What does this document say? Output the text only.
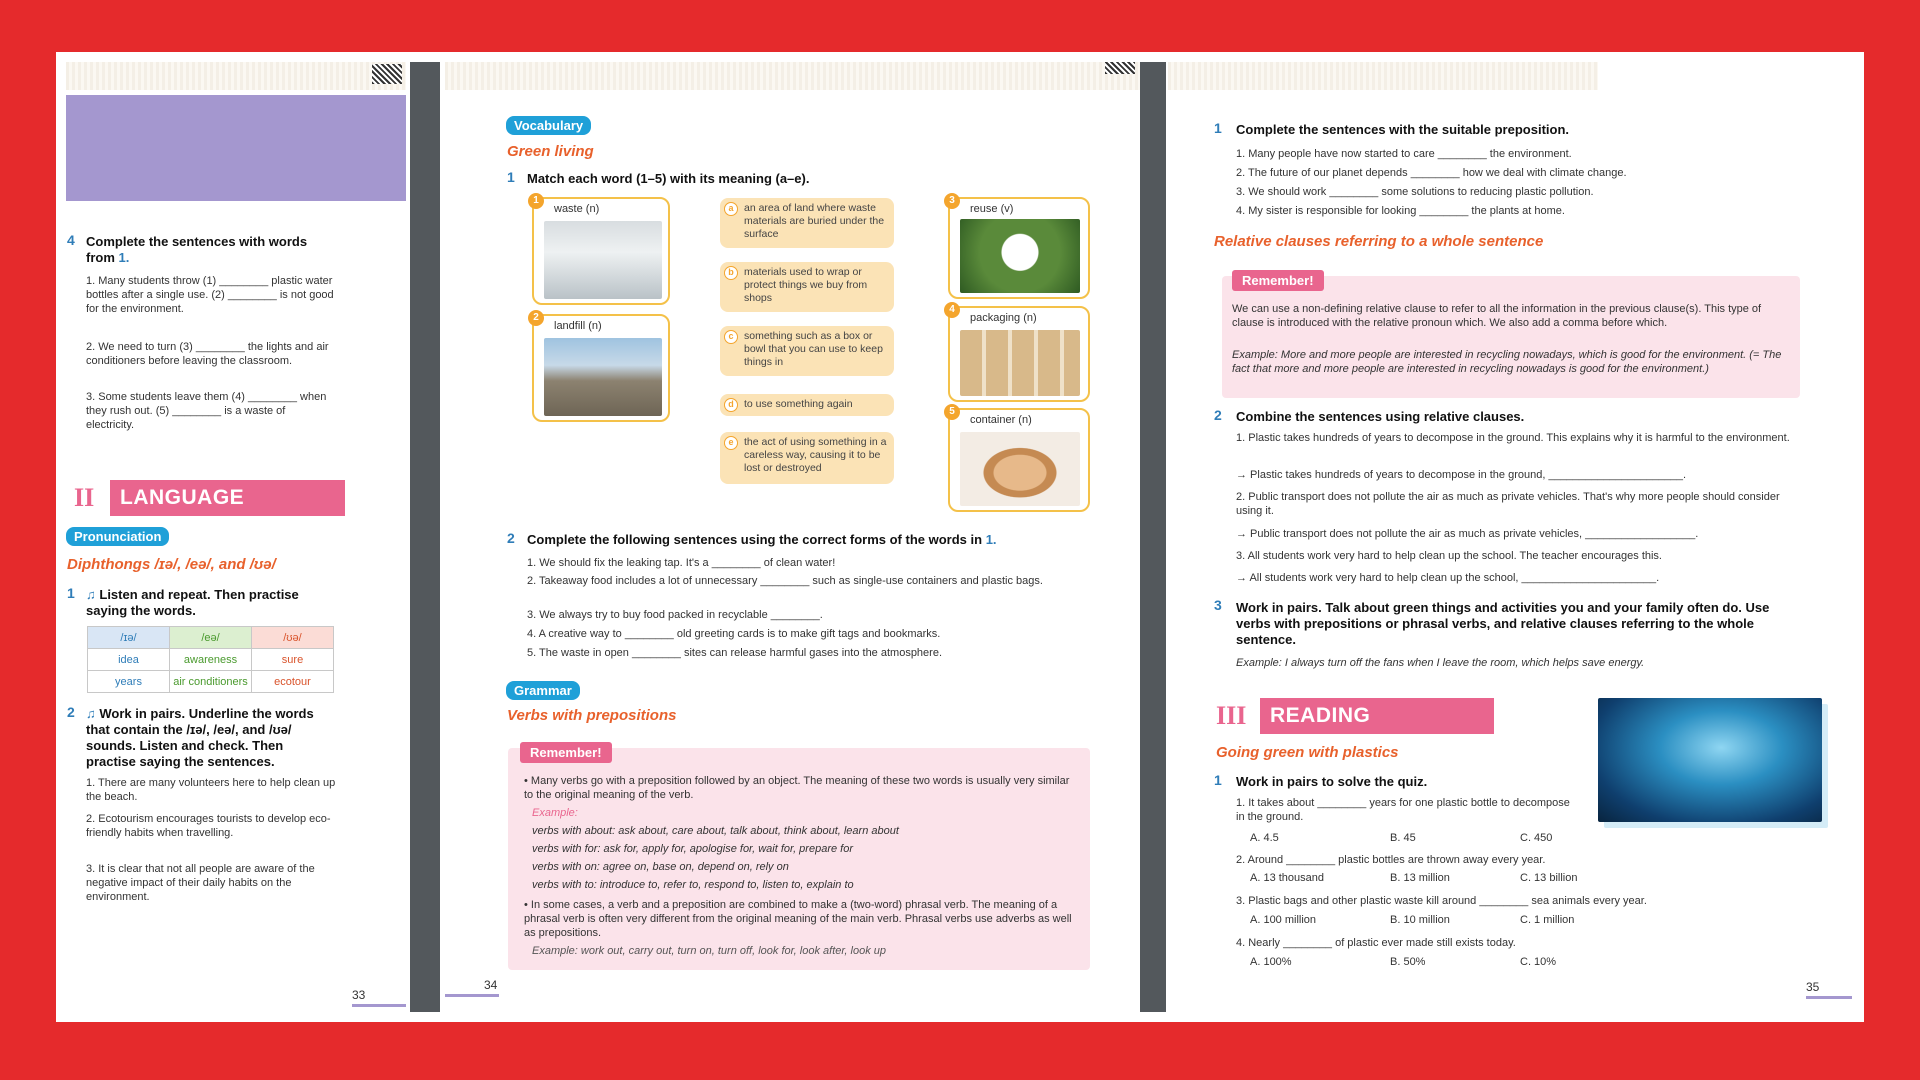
4 Complete the sentences with words from 1.
1. Many students throw (1) ________ plastic water bottles after a single use. (2) ________ is not good for the environment.
2. We need to turn (3) ________ the lights and air conditioners before leaving the classroom.
3. Some students leave them (4) ________ when they rush out. (5) ________ is a waste of electricity.
II	LANGUAGE
Pronunciation
Diphthongs /ɪə/, /eə/, and /ʊə/
1 ♫ Listen and repeat. Then practise saying the words.
/ɪə/	/eə/	/ʊə/
idea	awareness	sure
years	air conditioners	ecotour
2 ♫ Work in pairs. Underline the words that contain the /ɪə/, /eə/, and /ʊə/ sounds. Listen and check. Then practise saying the sentences.
1. There are many volunteers here to help clean up the beach.
2. Ecotourism encourages tourists to develop eco-friendly habits when travelling.
3. It is clear that not all people are aware of the negative impact of their daily habits on the environment.
33
Vocabulary
Green living
1 Match each word (1–5) with its meaning (a–e).
1
waste (n)
2
landfill (n)
3
reuse (v)
4
packaging (n)
5
container (n)
a	an area of land where waste materials are buried under the surface
b materials used to wrap or protect things we buy from shops
c	something such as a box or bowl that you can use to keep things in
d to use something again
e	the act of using something in a careless way, causing it to be lost or destroyed
2 Complete the following sentences using the correct forms of the words in 1.
1. We should fix the leaking tap. It's a ________ of clean water!
2. Takeaway food includes a lot of unnecessary ________ such as single-use containers and plastic bags.
3. We always try to buy food packed in recyclable ________.
4. A creative way to ________ old greeting cards is to make gift tags and bookmarks.
5. The waste in open ________ sites can release harmful gases into the atmosphere.
Grammar
Verbs with prepositions
Remember!
• Many verbs go with a preposition followed by an object. The meaning of these two words is usually very similar to the original meaning of the verb.
Example:
verbs with about: ask about, care about, talk about, think about, learn about
verbs with for: ask for, apply for, apologise for, wait for, prepare for
verbs with on: agree on, base on, depend on, rely on
verbs with to: introduce to, refer to, respond to, listen to, explain to
• In some cases, a verb and a preposition are combined to make a (two-word) phrasal verb. The meaning of a phrasal verb is often very different from the original meaning of the main verb. Phrasal verbs use adverbs as well as prepositions.
Example: work out, carry out, turn on, turn off, look for, look after, look up
34
1 Complete the sentences with the suitable preposition.
1. Many people have now started to care ________ the environment.
2. The future of our planet depends ________ how we deal with climate change.
3. We should work ________ some solutions to reducing plastic pollution.
4. My sister is responsible for looking ________ the plants at home.
Relative clauses referring to a whole sentence
Remember!
We can use a non-defining relative clause to refer to all the information in the previous clause(s). This type of clause is introduced with the relative pronoun which. We also add a comma before which.
Example: More and more people are interested in recycling nowadays, which is good for the environment. (= The fact that more and more people are interested in recycling nowadays is good for the environment.)
2 Combine the sentences using relative clauses.
1. Plastic takes hundreds of years to decompose in the ground. This explains why it is harmful to the environment.
→ Plastic takes hundreds of years to decompose in the ground, ______________________.
2. Public transport does not pollute the air as much as private vehicles. That's why more people should consider using it.
→ Public transport does not pollute the air as much as private vehicles, __________________.
3. All students work very hard to help clean up the school. The teacher encourages this.
→ All students work very hard to help clean up the school, ______________________.
3 Work in pairs. Talk about green things and activities you and your family often do. Use verbs with prepositions or phrasal verbs, and relative clauses referring to the whole sentence.
Example: I always turn off the fans when I leave the room, which helps save energy.
III	READING
Going green with plastics
1 Work in pairs to solve the quiz.
1. It takes about ________ years for one plastic bottle to decompose in the ground.
A. 4.5	B. 45	C. 450
2. Around ________ plastic bottles are thrown away every year.
A. 13 thousand	B. 13 million	C. 13 billion
3. Plastic bags and other plastic waste kill around ________ sea animals every year.
A. 100 million	B. 10 million	C. 1 million
4. Nearly ________ of plastic ever made still exists today.
A. 100%	B. 50%	C. 10%
35
